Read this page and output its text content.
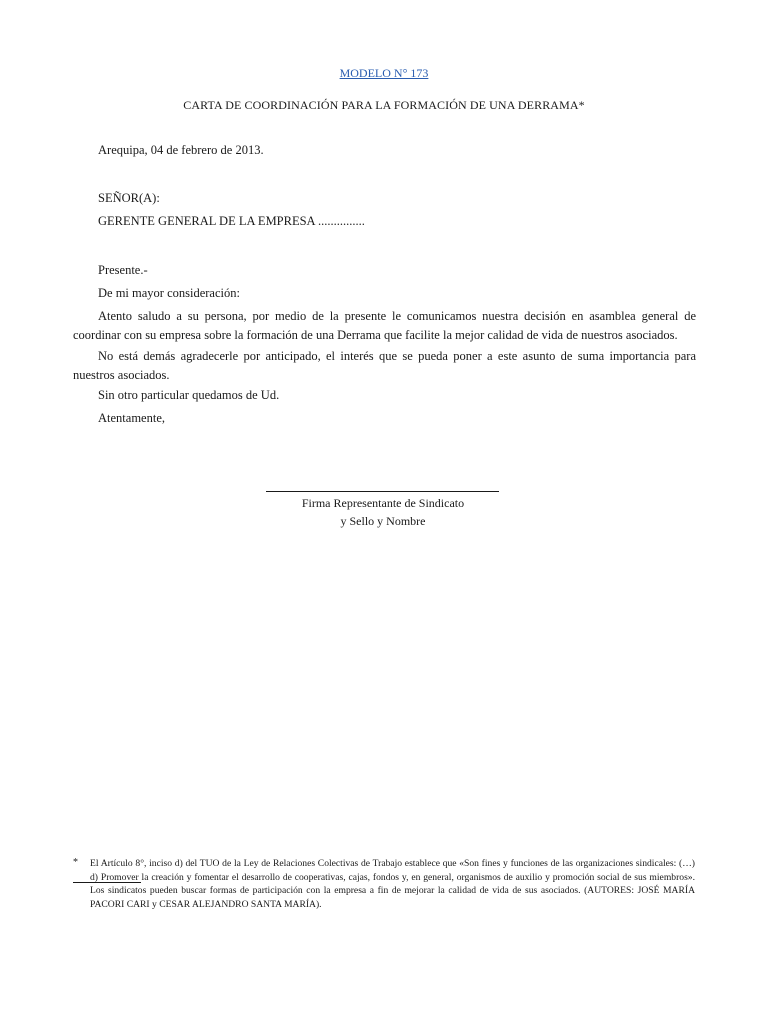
MODELO N° 173
CARTA DE COORDINACIÓN PARA LA FORMACIÓN DE UNA DERRAMA*
Arequipa, 04 de febrero de 2013.
SEÑOR(A):
GERENTE GENERAL DE LA EMPRESA ...............
Presente.-
De mi mayor consideración:
Atento saludo a su persona, por medio de la presente le comunicamos nuestra decisión en asamblea general de coordinar con su empresa sobre la formación de una Derrama que facilite la mejor calidad de vida de nuestros asociados.
No está demás agradecerle por anticipado, el interés que se pueda poner a este asunto de suma importancia para nuestros asociados.
Sin otro particular quedamos de Ud.
Atentamente,
Firma Representante de Sindicato
y Sello y Nombre
* El Artículo 8°, inciso d) del TUO de la Ley de Relaciones Colectivas de Trabajo establece que «Son fines y funciones de las organizaciones sindicales: (…) d) Promover la creación y fomentar el desarrollo de cooperativas, cajas, fondos y, en general, organismos de auxilio y promoción social de sus miembros». Los sindicatos pueden buscar formas de participación con la empresa a fin de mejorar la calidad de vida de sus asociados. (AUTORES: JOSÉ MARÍA PACORI CARI y CESAR ALEJANDRO SANTA MARÍA).
